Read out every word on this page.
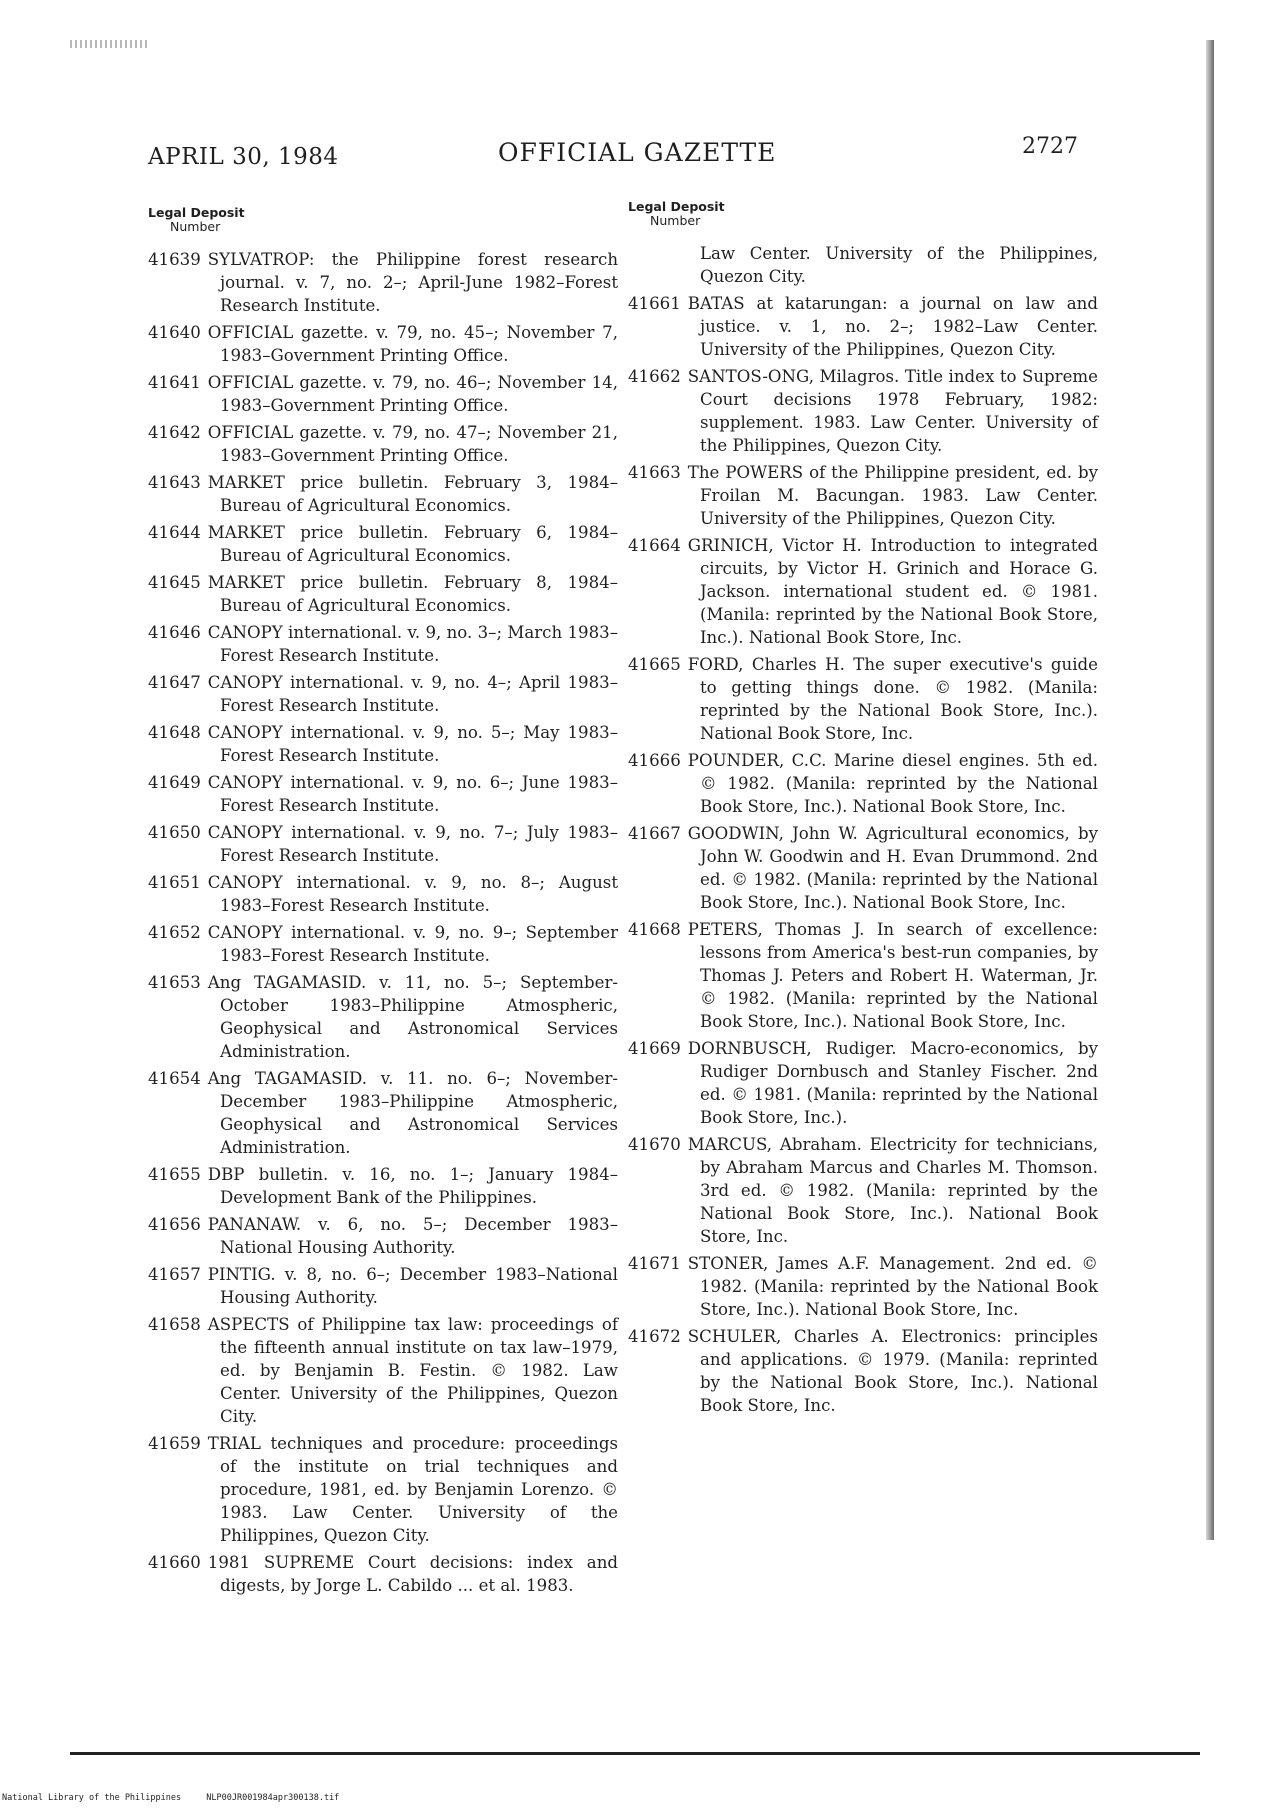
APRIL 30, 1984	OFFICIAL GAZETTE	2727
Legal Deposit
Number

41639 SYLVATROP: the Philippine forest research journal. v. 7, no. 2–; April-June 1982–Forest Research Institute.

41640 OFFICIAL gazette. v. 79, no. 45–; November 7, 1983–Government Printing Office.

41641 OFFICIAL gazette. v. 79, no. 46–; November 14, 1983–Government Printing Office.

41642 OFFICIAL gazette. v. 79, no. 47–; November 21, 1983–Government Printing Office.

41643 MARKET price bulletin. February 3, 1984–Bureau of Agricultural Economics.

41644 MARKET price bulletin. February 6, 1984–Bureau of Agricultural Economics.

41645 MARKET price bulletin. February 8, 1984–Bureau of Agricultural Economics.

41646 CANOPY international. v. 9, no. 3–; March 1983–Forest Research Institute.

41647 CANOPY international. v. 9, no. 4–; April 1983–Forest Research Institute.

41648 CANOPY international. v. 9, no. 5–; May 1983–Forest Research Institute.

41649 CANOPY international. v. 9, no. 6–; June 1983–Forest Research Institute.

41650 CANOPY international. v. 9, no. 7–; July 1983–Forest Research Institute.

41651 CANOPY international. v. 9, no. 8–; August 1983–Forest Research Institute.

41652 CANOPY international. v. 9, no. 9–; September 1983–Forest Research Institute.

41653 Ang TAGAMASID. v. 11, no. 5–; September-October 1983–Philippine Atmospheric, Geophysical and Astronomical Services Administration.

41654 Ang TAGAMASID. v. 11. no. 6–; November-December 1983–Philippine Atmospheric, Geophysical and Astronomical Services Administration.

41655 DBP bulletin. v. 16, no. 1–; January 1984–Development Bank of the Philippines.

41656 PANANAW. v. 6, no. 5–; December 1983–National Housing Authority.

41657 PINTIG. v. 8, no. 6–; December 1983–National Housing Authority.

41658 ASPECTS of Philippine tax law: proceedings of the fifteenth annual institute on tax law–1979, ed. by Benjamin B. Festin. © 1982. Law Center. University of the Philippines, Quezon City.

41659 TRIAL techniques and procedure: proceedings of the institute on trial techniques and procedure, 1981, ed. by Benjamin Lorenzo. © 1983. Law Center. University of the Philippines, Quezon City.

41660 1981 SUPREME Court decisions: index and digests, by Jorge L. Cabildo ... et al. 1983.

Legal Deposit
Number

Law Center. University of the Philippines, Quezon City.

41661 BATAS at katarungan: a journal on law and justice. v. 1, no. 2–; 1982–Law Center. University of the Philippines, Quezon City.

41662 SANTOS-ONG, Milagros. Title index to Supreme Court decisions 1978 February, 1982: supplement. 1983. Law Center. University of the Philippines, Quezon City.

41663 The POWERS of the Philippine president, ed. by Froilan M. Bacungan. 1983. Law Center. University of the Philippines, Quezon City.

41664 GRINICH, Victor H. Introduction to integrated circuits, by Victor H. Grinich and Horace G. Jackson. international student ed. © 1981. (Manila: reprinted by the National Book Store, Inc.). National Book Store, Inc.

41665 FORD, Charles H. The super executive's guide to getting things done. © 1982. (Manila: reprinted by the National Book Store, Inc.). National Book Store, Inc.

41666 POUNDER, C.C. Marine diesel engines. 5th ed. © 1982. (Manila: reprinted by the National Book Store, Inc.). National Book Store, Inc.

41667 GOODWIN, John W. Agricultural economics, by John W. Goodwin and H. Evan Drummond. 2nd ed. © 1982. (Manila: reprinted by the National Book Store, Inc.). National Book Store, Inc.

41668 PETERS, Thomas J. In search of excellence: lessons from America's best-run companies, by Thomas J. Peters and Robert H. Waterman, Jr. © 1982. (Manila: reprinted by the National Book Store, Inc.). National Book Store, Inc.

41669 DORNBUSCH, Rudiger. Macro-economics, by Rudiger Dornbusch and Stanley Fischer. 2nd ed. © 1981. (Manila: reprinted by the National Book Store, Inc.).

41670 MARCUS, Abraham. Electricity for technicians, by Abraham Marcus and Charles M. Thomson. 3rd ed. © 1982. (Manila: reprinted by the National Book Store, Inc.). National Book Store, Inc.

41671 STONER, James A.F. Management. 2nd ed. © 1982. (Manila: reprinted by the National Book Store, Inc.). National Book Store, Inc.

41672 SCHULER, Charles A. Electronics: principles and applications. © 1979. (Manila: reprinted by the National Book Store, Inc.). National Book Store, Inc.

National Library of the Philippines	NLP00JR001984apr300138.tif
